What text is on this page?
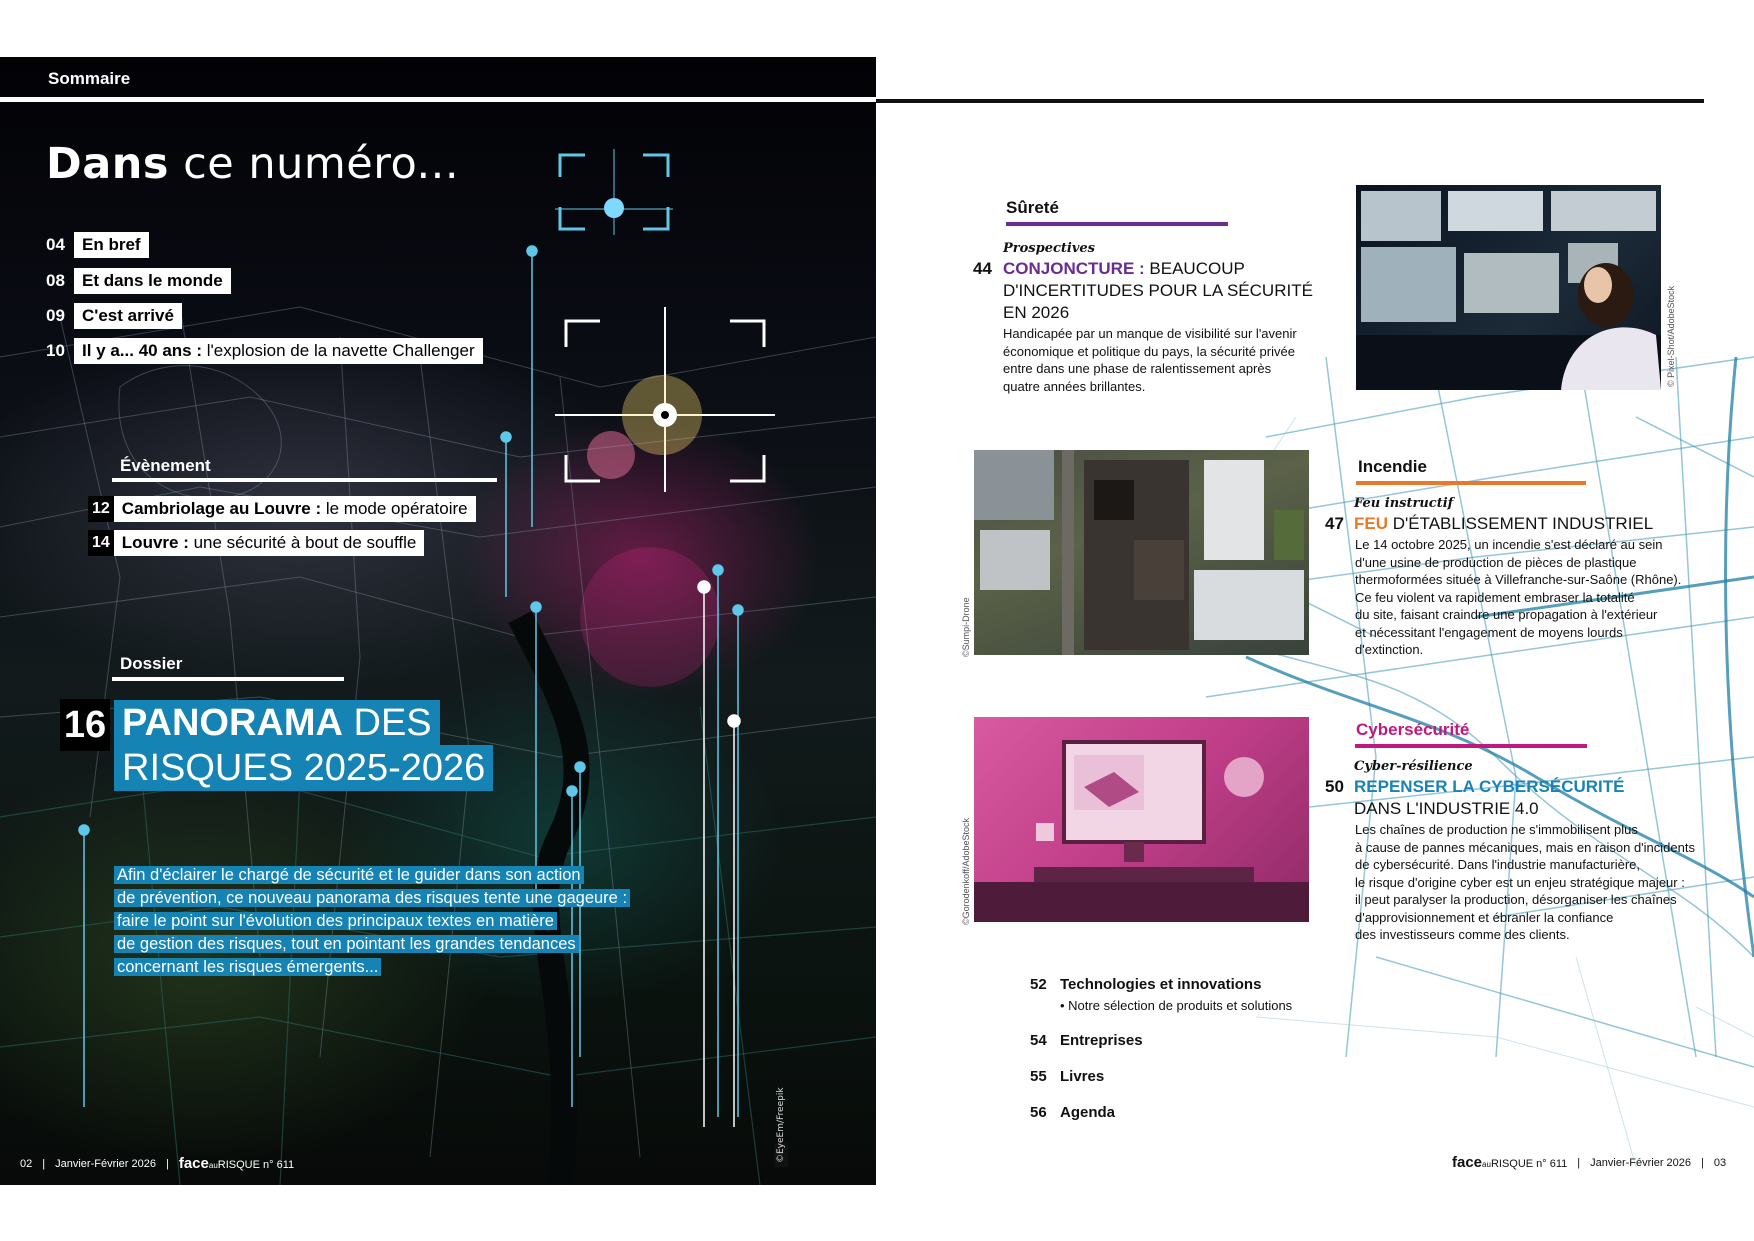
Sommaire
Dans ce numéro...
04	En bref
08	Et dans le monde
09	C'est arrivé
10	Il y a... 40 ans : l'explosion de la navette Challenger
Évènement
12 Cambriolage au Louvre : le mode opératoire
14 Louvre : une sécurité à bout de souffle
Dossier
16 PANORAMA DES
RISQUES 2025-2026
Afin d'éclairer le chargé de sécurité et le guider dans son action
de prévention, ce nouveau panorama des risques tente une gageure :
faire le point sur l'évolution des principaux textes en matière
de gestion des risques, tout en pointant les grandes tendances
concernant les risques émergents...
02 | Janvier-Février 2026 | faceauRISQUE n° 611
©EyeEm/Freepik
Sûreté
Prospectives
44 CONJONCTURE : BEAUCOUP
D'INCERTITUDES POUR LA SÉCURITÉ
EN 2026
Handicapée par un manque de visibilité sur l'avenir
économique et politique du pays, la sécurité privée
entre dans une phase de ralentissement après
quatre années brillantes.	© Pixel-Shot/AdobeStock
©Sumpi-Drone
Incendie
Feu instructif
47 FEU D'ÉTABLISSEMENT INDUSTRIEL
Le 14 octobre 2025, un incendie s'est déclaré au sein
d'une usine de production de pièces de plastique
thermoformées située à Villefranche-sur-Saône (Rhône).
Ce feu violent va rapidement embraser la totalité
du site, faisant craindre une propagation à l'extérieur
et nécessitant l'engagement de moyens lourds
d'extinction.
©Gorodenkoff/AdobeStock
Cybersécurité
Cyber-résilience
50 REPENSER LA CYBERSÉCURITÉ
DANS L'INDUSTRIE 4.0
Les chaînes de production ne s'immobilisent plus
à cause de pannes mécaniques, mais en raison d'incidents
de cybersécurité. Dans l'industrie manufacturière,
le risque d'origine cyber est un enjeu stratégique majeur :
il peut paralyser la production, désorganiser les chaînes
d'approvisionnement et ébranler la confiance
des investisseurs comme des clients.
52 Technologies et innovations
• Notre sélection de produits et solutions
54 Entreprises
55 Livres
56 Agenda
faceauRISQUE n° 611 | Janvier-Février 2026 | 03
